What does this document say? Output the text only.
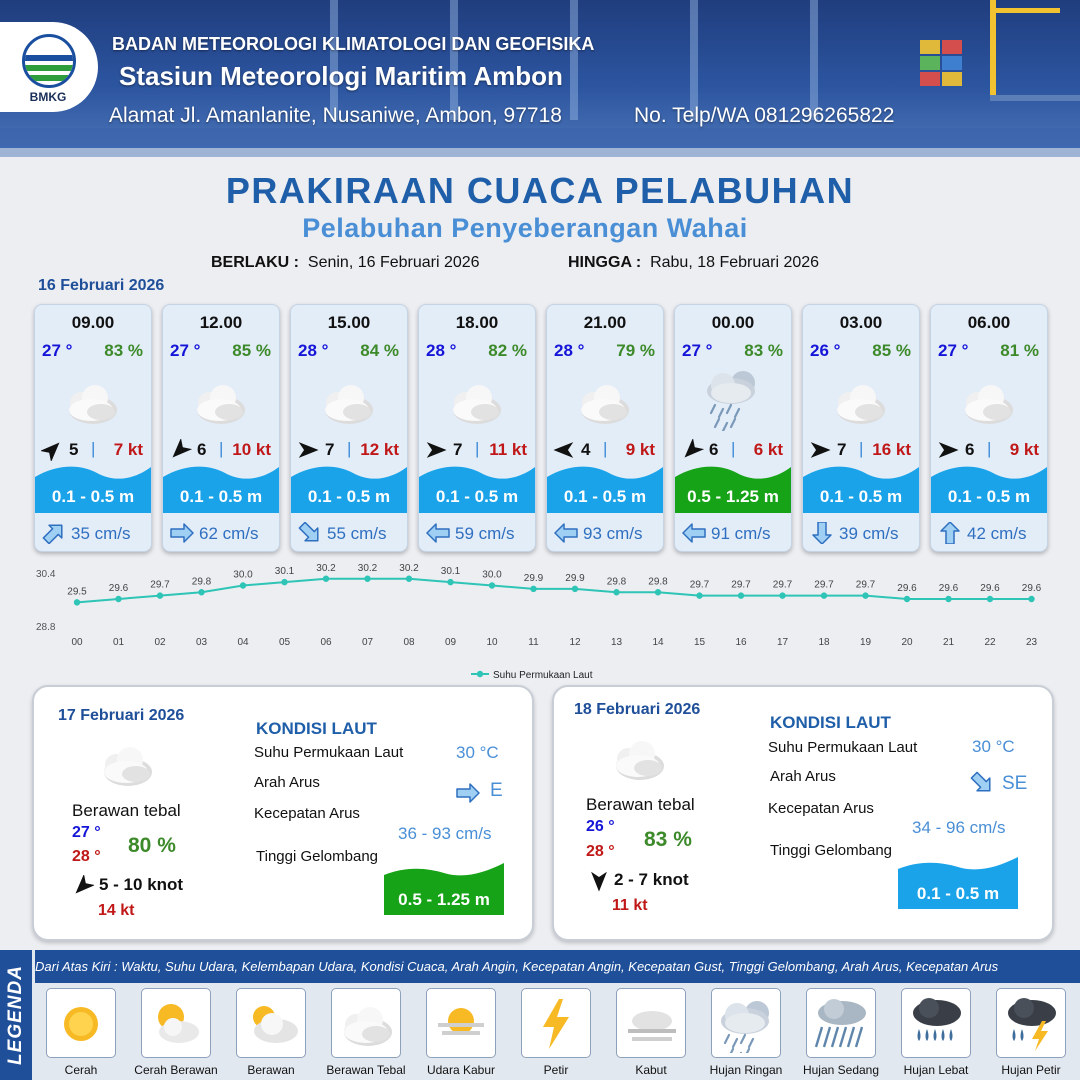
BMKG
BADAN METEOROLOGI KLIMATOLOGI DAN GEOFISIKA
Stasiun Meteorologi Maritim Ambon
Alamat Jl. Amanlanite, Nusaniwe, Ambon, 97718	No. Telp/WA 081296265822
PRAKIRAAN CUACA PELABUHAN
Pelabuhan Penyeberangan Wahai
BERLAKU : Senin, 16 Februari 2026	HINGGA : Rabu, 18 Februari 2026
16 Februari 2026
09.00
27 ° 83 %
5 | 7 kt
0.1 - 0.5 m
35 cm/s
12.00
27 ° 85 %
6 | 10 kt
0.1 - 0.5 m
62 cm/s
15.00
28 ° 84 %
7 | 12 kt
0.1 - 0.5 m
55 cm/s
18.00
28 ° 82 %
7 | 11 kt
0.1 - 0.5 m
59 cm/s
21.00
28 ° 79 %
4 | 9 kt
0.1 - 0.5 m
93 cm/s
00.00
27 ° 83 %
6 | 6 kt
0.5 - 1.25 m
91 cm/s
03.00
26 ° 85 %
7 | 16 kt
0.1 - 0.5 m
39 cm/s
06.00
27 ° 81 %
6 | 9 kt
0.1 - 0.5 m
42 cm/s
30.4
28.8
29.5 29.6 29.7 29.8
30.0 30.1 30.2 30.2 30.2 30.1 30.0 29.9 29.9 29.8 29.8 29.7 29.7 29.7 29.7 29.7 29.6 29.6 29.6 29.6
00	01	02	03	04	05	06	07	08	09	10	11	12	13	14	15	16	17	18	19	20	21	22	23
Suhu Permukaan Laut
17 Februari 2026
Berawan tebal
27 °
28 ° 80 %
5 - 10 knot
14 kt
KONDISI LAUT
Suhu Permukaan Laut	30 °C
Arah Arus	E
Kecepatan Arus
36 - 93 cm/s
Tinggi Gelombang
0.5 - 1.25 m
18 Februari 2026
Berawan tebal
26 °
28 °
83 %
2 - 7 knot
11 kt
KONDISI LAUT
Suhu Permukaan Laut	30 °C
Arah Arus	SE
Kecepatan Arus
34 - 96 cm/s
Tinggi Gelombang
0.1 - 0.5 m
LEGENDA Dari Atas Kiri : Waktu, Suhu Udara, Kelembapan Udara, Kondisi Cuaca, Arah Angin, Kecepatan Angin, Kecepatan Gust, Tinggi Gelombang, Arah Arus, Kecepatan Arus
Cerah	Cerah Berawan	Berawan	Berawan Tebal	Udara Kabur	Petir	Kabut	Hujan Ringan	Hujan Sedang	Hujan Lebat	Hujan Petir
